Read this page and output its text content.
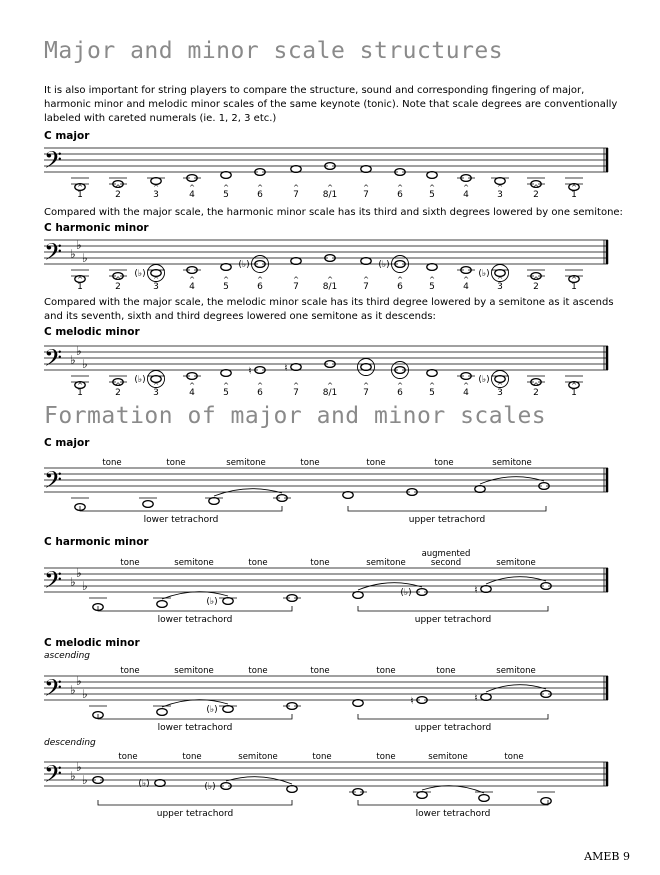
Major and minor scale structures
It is also important for string players to compare the structure, sound and corresponding fingering of major, harmonic minor and melodic minor scales of the same keynote (tonic). Note that scale degrees are conventionally labeled with careted numerals (ie. 1, 2, 3 etc.)
C major
𝄢
^
1
^
2
^
3
^
4
^
5
^
6
^
7
^
8/1
^
7
^
6
^
5
^
4
^
3
^
2
^
1
Compared with the major scale, the harmonic minor scale has its third and sixth degrees lowered by one semitone:
C harmonic minor
𝄢 ♭
♭
♭
^
1
^
2
(♭)
^
3
^
4
^
5
(♭)
^
6
^
7
^
8/1
^
7
(♭)
^
6
^
5
^
4
(♭)
^
3
^
2
^
1
Compared with the major scale, the melodic minor scale has its third degree lowered by a semitone as it ascends and its seventh, sixth and third degrees lowered one semitone as it descends:
C melodic minor
𝄢 ♭
♭
♭
^
1
^
2
(♭)
^
3
^
4
^
5
♮
^
6
♮
^
7
^
8/1
^
7
^
6
^
5
^
4
(♭)
^
3
^
2
^
1
Formation of major and minor scales
C major
tone	tone	semitone	tone	tone	tone	semitone
𝄢
lower tetrachord	upper tetrachord
C harmonic minor
tone	semitone	tone	tone	semitone
augmented
second	semitone
𝄢 ♭
♭
♭
(♭)
(♭)	♮
lower tetrachord	upper tetrachord
C melodic minor
ascending
tone	semitone	tone	tone	tone	tone	semitone
𝄢 ♭
♭
♭
(♭)
♮	♮
lower tetrachord	upper tetrachord
descending
tone	tone	semitone	tone	tone	semitone	tone
𝄢 ♭
♭
♭	(♭)	(♭)
upper tetrachord	lower tetrachord
AMEB 9
